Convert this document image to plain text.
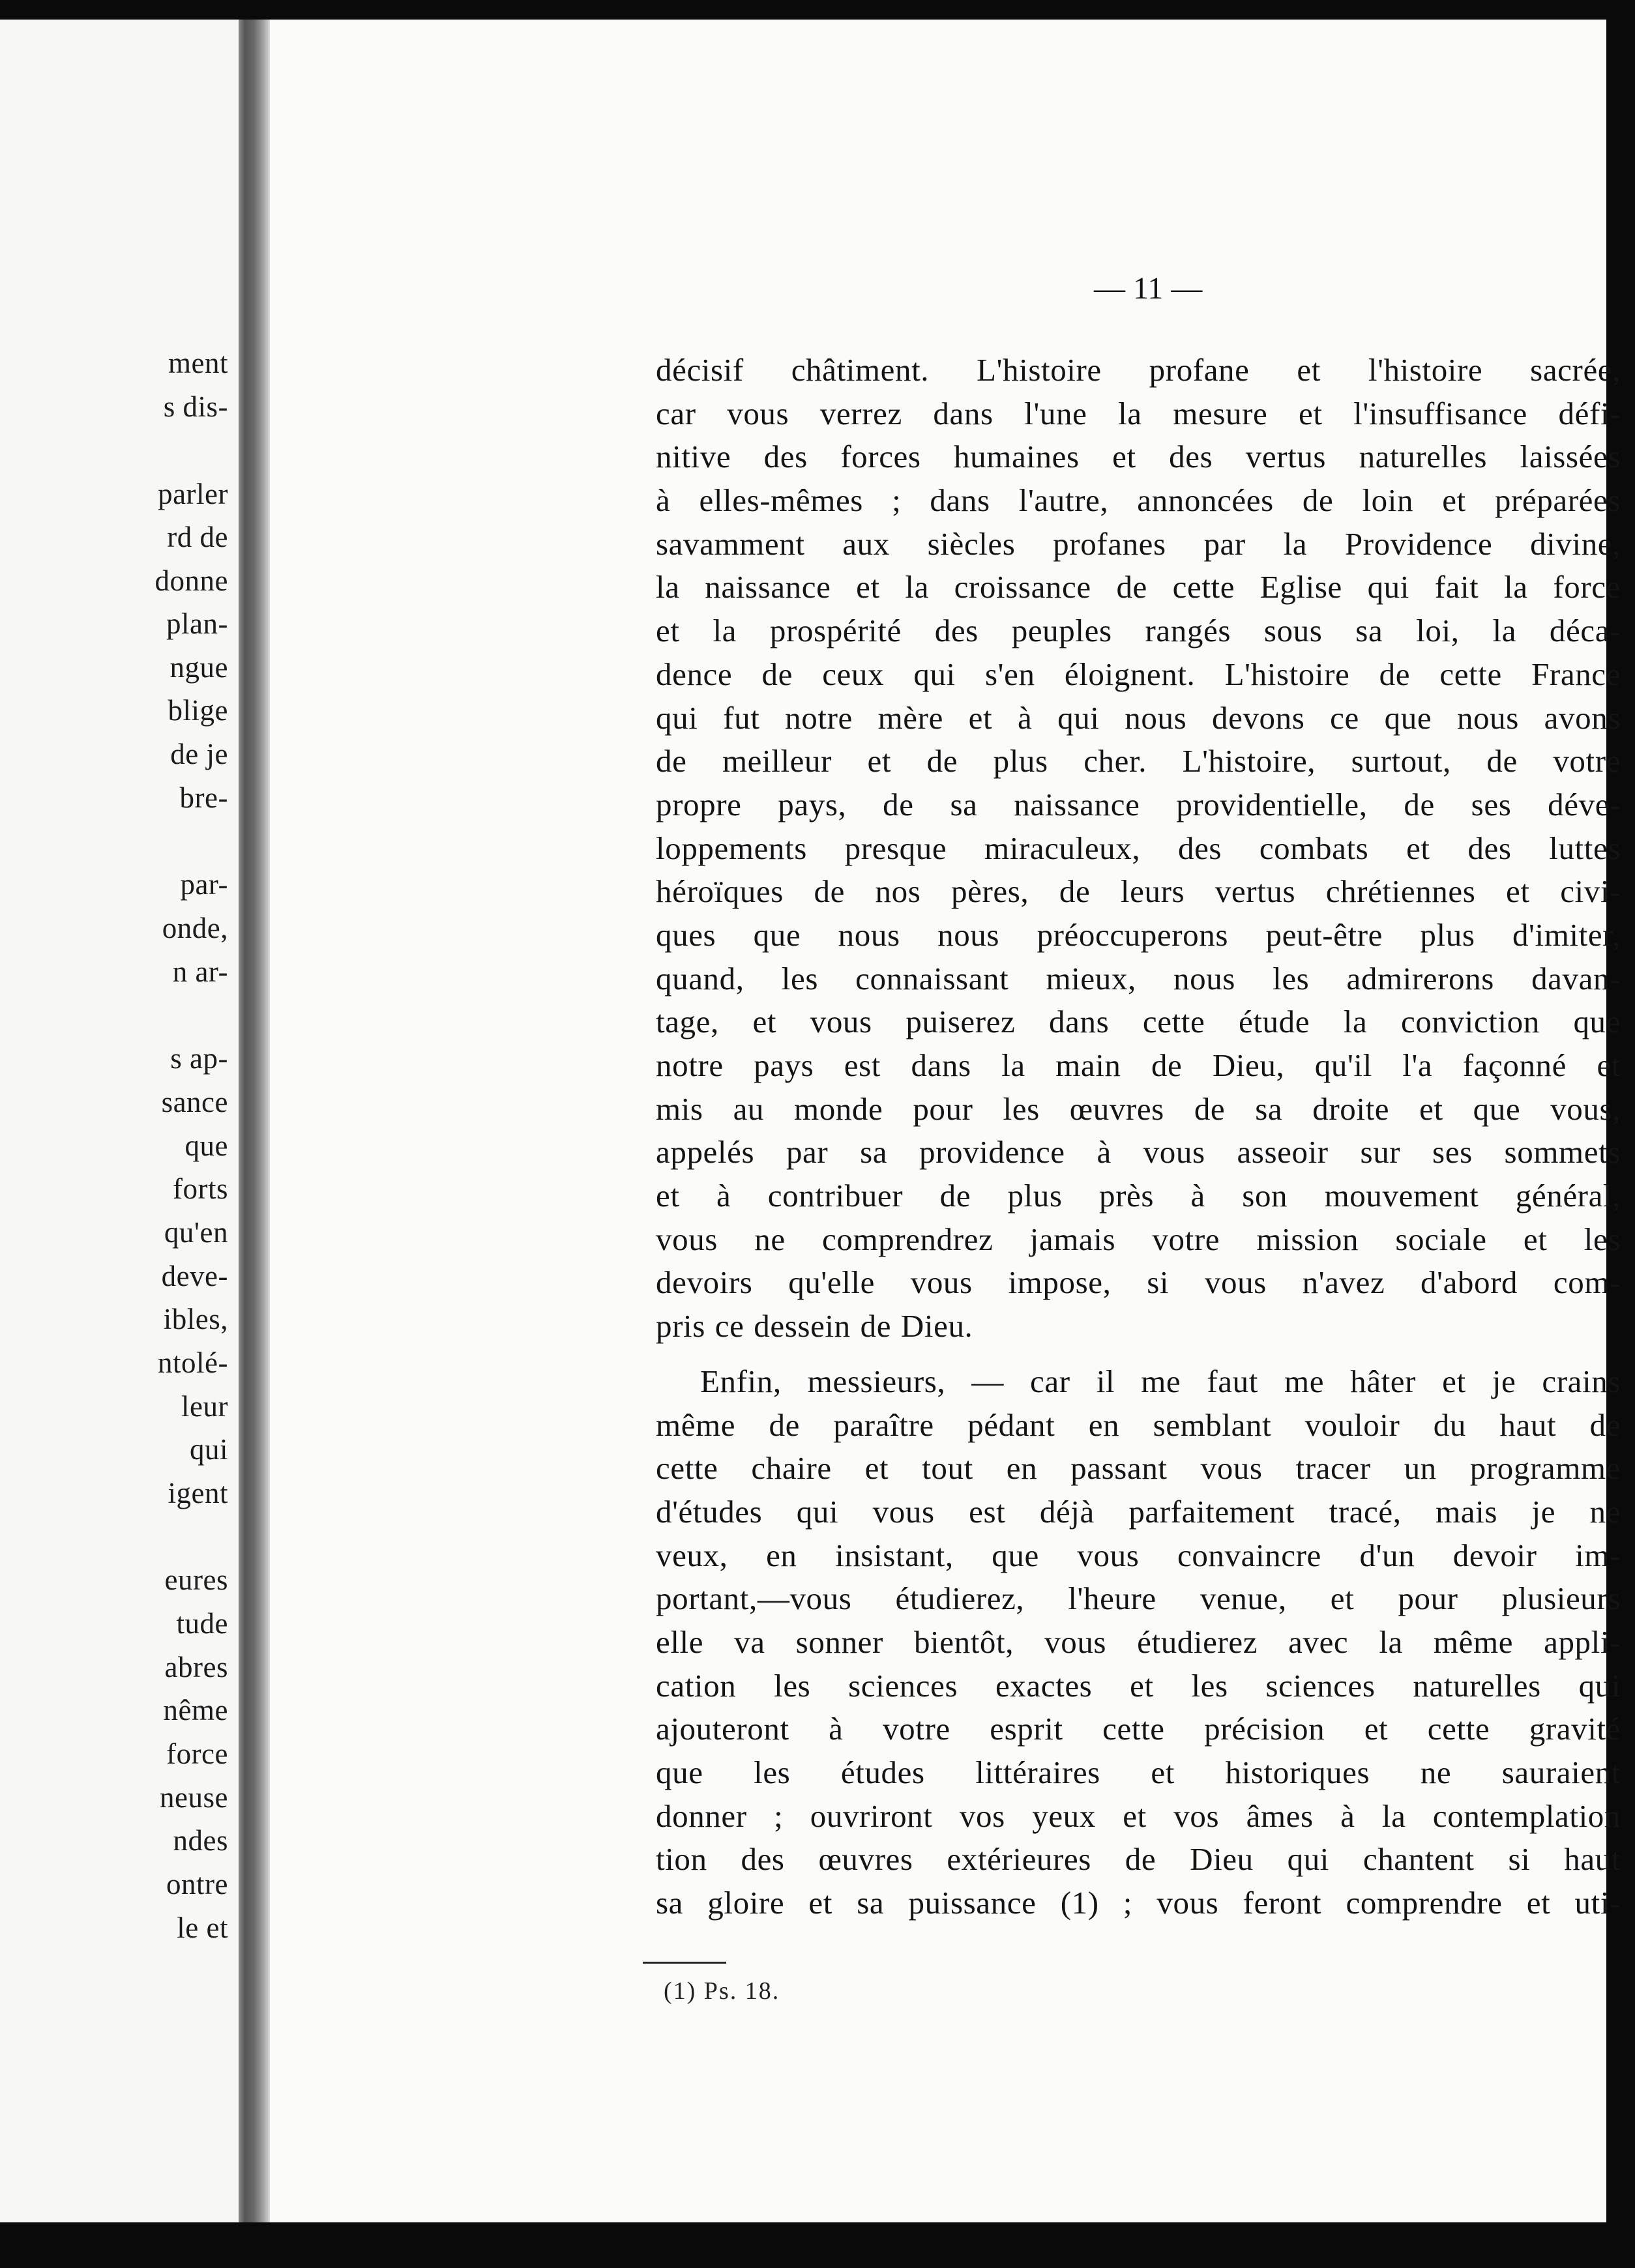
ment
s dis-
parler
rd de
donne
plan-
ngue
blige
de je
bre-
par-
onde,
n ar-
s ap-
sance
que
forts
qu'en
deve-
ibles,
ntolé-
leur
qui
igent
eures
tude
abres
nême
force
neuse
ndes
ontre
le et
— 11 —
décisif châtiment. L'histoire profane et l'histoire sacrée,
car vous verrez dans l'une la mesure et l'insuffisance défi-
nitive des forces humaines et des vertus naturelles laissées
à elles-mêmes ; dans l'autre, annoncées de loin et préparées
savamment aux siècles profanes par la Providence divine,
la naissance et la croissance de cette Eglise qui fait la force
et la prospérité des peuples rangés sous sa loi, la déca-
dence de ceux qui s'en éloignent. L'histoire de cette France
qui fut notre mère et à qui nous devons ce que nous avons
de meilleur et de plus cher. L'histoire, surtout, de votre
propre pays, de sa naissance providentielle, de ses déve-
loppements presque miraculeux, des combats et des luttes
héroïques de nos pères, de leurs vertus chrétiennes et civi-
ques que nous nous préoccuperons peut-être plus d'imiter,
quand, les connaissant mieux, nous les admirerons davan-
tage, et vous puiserez dans cette étude la conviction que
notre pays est dans la main de Dieu, qu'il l'a façonné et
mis au monde pour les œuvres de sa droite et que vous,
appelés par sa providence à vous asseoir sur ses sommets
et à contribuer de plus près à son mouvement général,
vous ne comprendrez jamais votre mission sociale et les
devoirs qu'elle vous impose, si vous n'avez d'abord com-
pris ce dessein de Dieu.
Enfin, messieurs, — car il me faut me hâter et je crains
même de paraître pédant en semblant vouloir du haut de
cette chaire et tout en passant vous tracer un programme
d'études qui vous est déjà parfaitement tracé, mais je ne
veux, en insistant, que vous convaincre d'un devoir im-
portant,—vous étudierez, l'heure venue, et pour plusieurs
elle va sonner bientôt, vous étudierez avec la même appli-
cation les sciences exactes et les sciences naturelles qui
ajouteront à votre esprit cette précision et cette gravité
que les études littéraires et historiques ne sauraient
donner ; ouvriront vos yeux et vos âmes à la contemplation
tion des œuvres extérieures de Dieu qui chantent si haut
sa gloire et sa puissance (1) ; vous feront comprendre et uti-
(1) Ps. 18.
